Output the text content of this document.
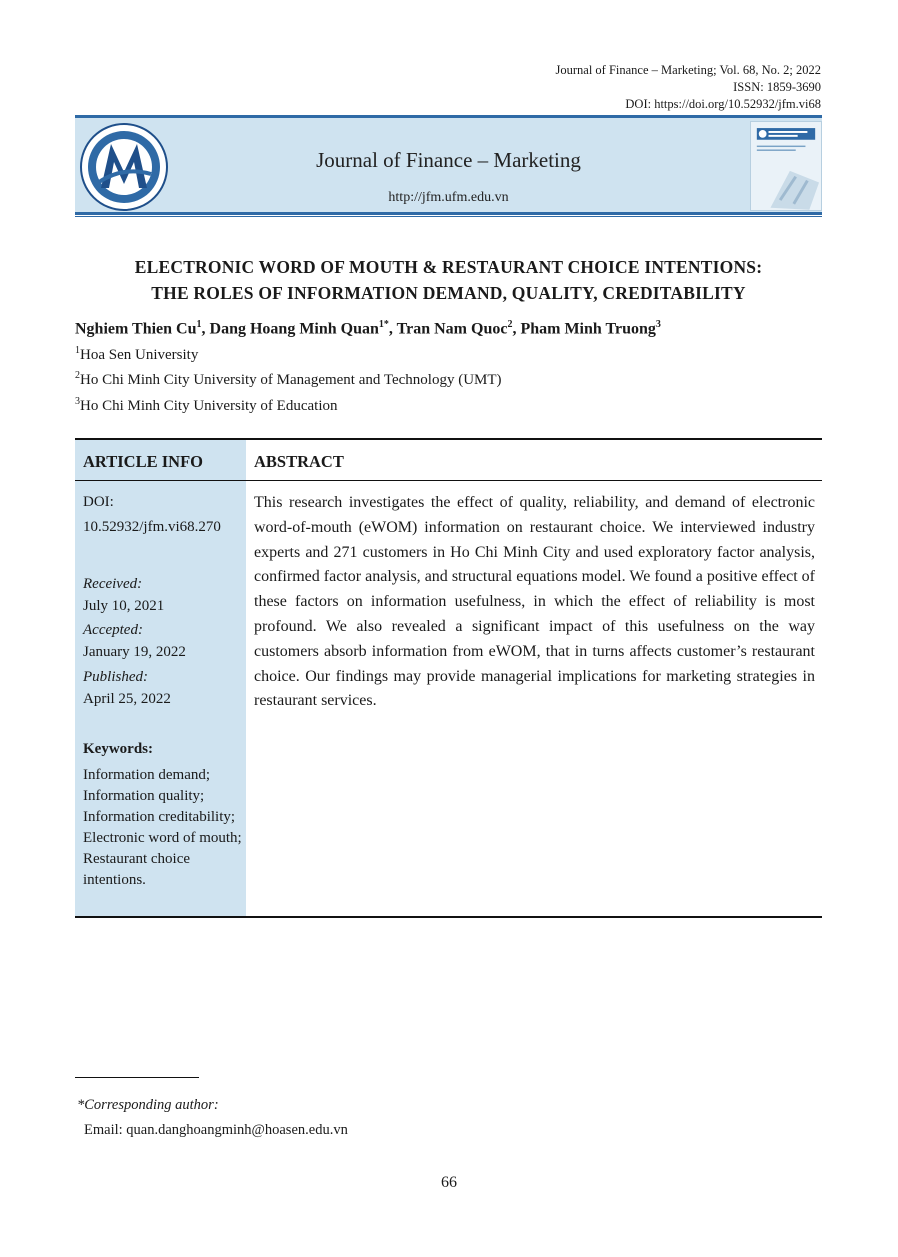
Journal of Finance – Marketing; Vol. 68, No. 2; 2022
ISSN: 1859-3690
DOI: https://doi.org/10.52932/jfm.vi68
Journal of Finance – Marketing
http://jfm.ufm.edu.vn
ELECTRONIC WORD OF MOUTH & RESTAURANT CHOICE INTENTIONS:
THE ROLES OF INFORMATION DEMAND, QUALITY, CREDITABILITY
Nghiem Thien Cu$^1$, Dang Hoang Minh Quan$^{1*}$, Tran Nam Quoc$^2$, Pham Minh Truong$^3$
$^1$Hoa Sen University
$^2$Ho Chi Minh City University of Management and Technology (UMT)
$^3$Ho Chi Minh City University of Education
ARTICLE INFO	ABSTRACT
DOI:
10.52932/jfm.vi68.270
Received:
July 10, 2021
Accepted:
January 19, 2022
Published:
April 25, 2022
Keywords:
Information demand; Information quality; Information creditability; Electronic word of mouth; Restaurant choice intentions.
This research investigates the effect of quality, reliability, and demand of electronic word-of-mouth (eWOM) information on restaurant choice. We interviewed industry experts and 271 customers in Ho Chi Minh City and used exploratory factor analysis, confirmed factor analysis, and structural equations model. We found a positive effect of these factors on information usefulness, in which the effect of reliability is most profound. We also revealed a significant impact of this usefulness on the way customers absorb information from eWOM, that in turns affects customer’s restaurant choice. Our findings may provide managerial implications for marketing strategies in restaurant services.
*Corresponding author:
Email: quan.danghoangminh@hoasen.edu.vn
66
